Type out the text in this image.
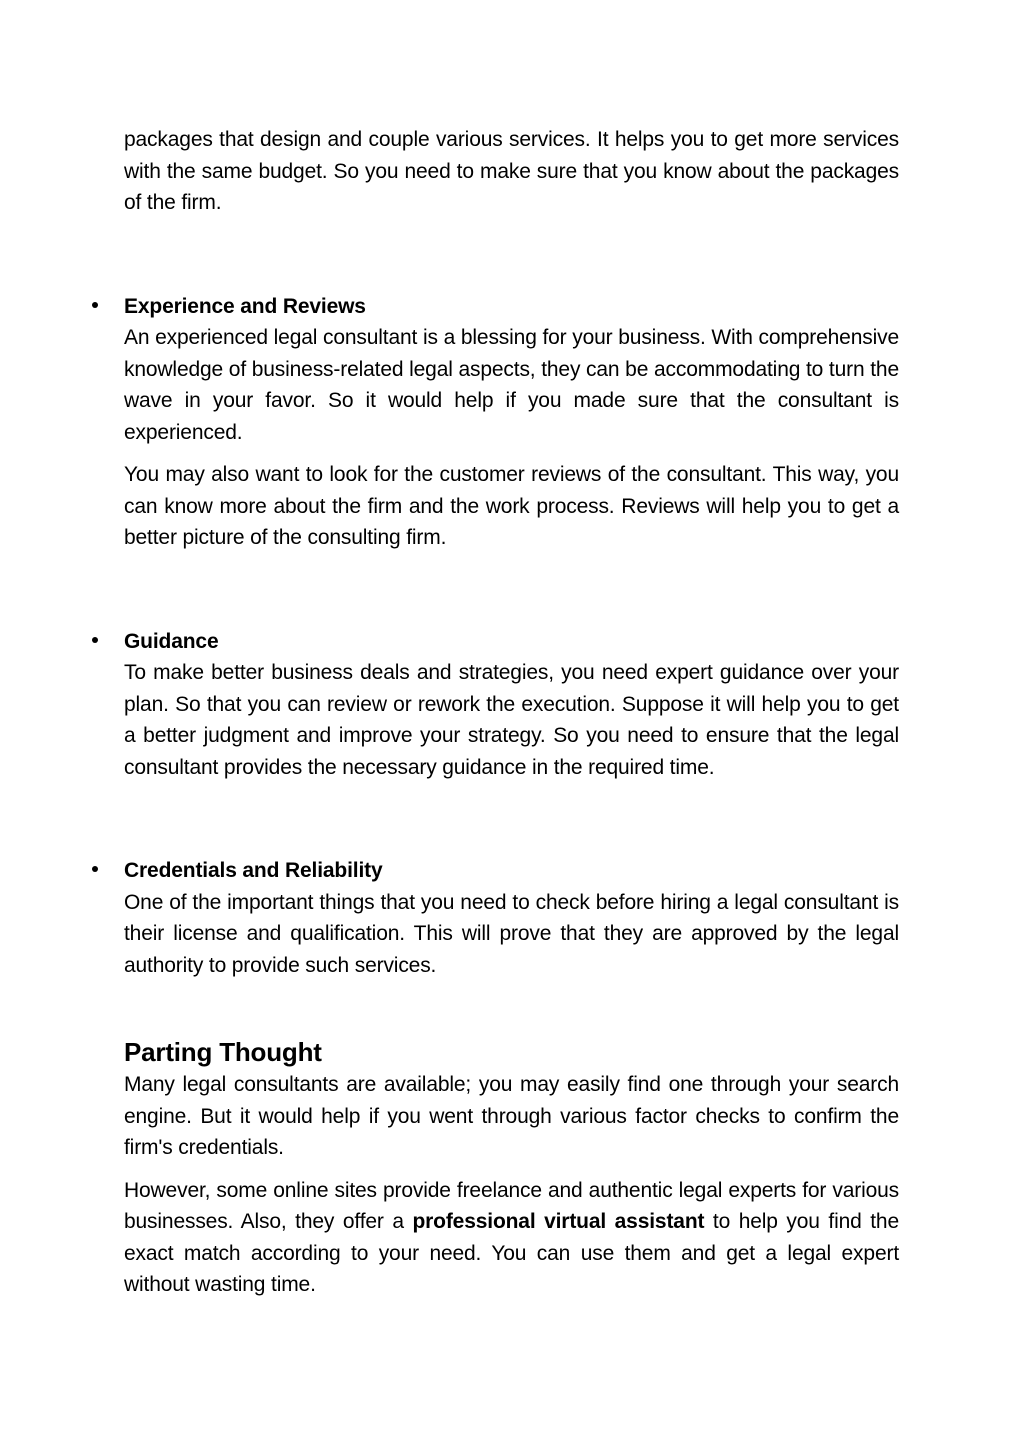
packages that design and couple various services. It helps you to get more services with the same budget. So you need to make sure that you know about the packages of the firm.

Experience and Reviews

An experienced legal consultant is a blessing for your business. With comprehensive knowledge of business-related legal aspects, they can be accommodating to turn the wave in your favor. So it would help if you made sure that the consultant is experienced.

You may also want to look for the customer reviews of the consultant. This way, you can know more about the firm and the work process. Reviews will help you to get a better picture of the consulting firm.

Guidance

To make better business deals and strategies, you need expert guidance over your plan. So that you can review or rework the execution. Suppose it will help you to get a better judgment and improve your strategy. So you need to ensure that the legal consultant provides the necessary guidance in the required time.

Credentials and Reliability

One of the important things that you need to check before hiring a legal consultant is their license and qualification. This will prove that they are approved by the legal authority to provide such services.

Parting Thought

Many legal consultants are available; you may easily find one through your search engine. But it would help if you went through various factor checks to confirm the firm's credentials.

However, some online sites provide freelance and authentic legal experts for various businesses. Also, they offer a professional virtual assistant to help you find the exact match according to your need. You can use them and get a legal expert without wasting time.
